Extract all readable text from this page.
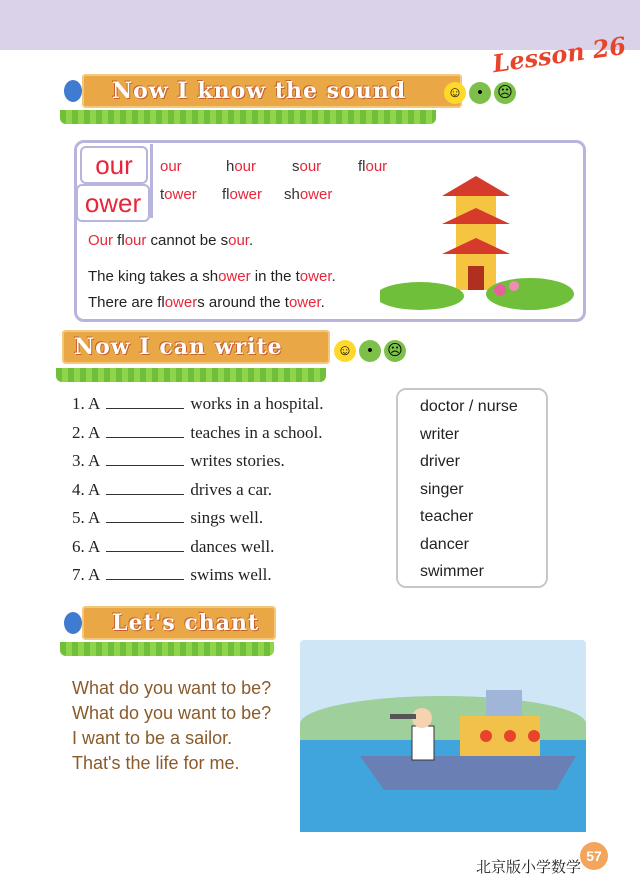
Lesson 26
Now I know the sound	☺ • ☹
our
ower
our	hour sour flour
tower flower shower
Our flour cannot be sour.
The king takes a shower in the tower.
There are flowers around the tower.
Now I can write	☺ • ☹
1. A	works in a hospital.
2. A	teaches in a school.
3. A	writes stories.
4. A	drives a car.
5. A	sings well.
6. A	dances well.
7. A	swims well.
doctor / nurse
writer
driver
singer
teacher
dancer
swimmer
Let's chant
What do you want to be?
What do you want to be?
I want to be a sailor.
That's the life for me.
57
北京版小学数学
